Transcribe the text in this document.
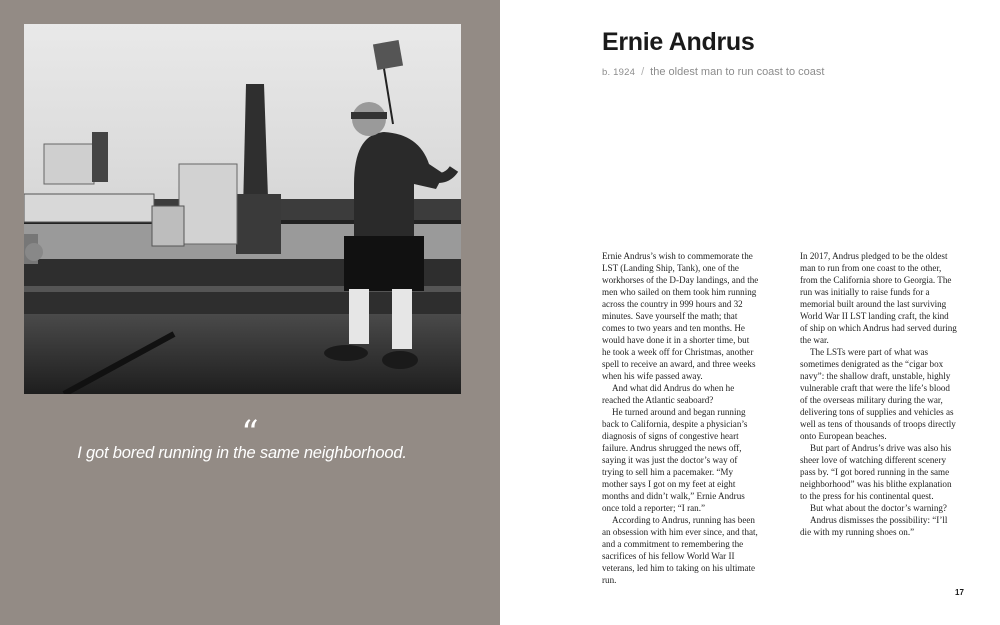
“
I got bored running in the same neighborhood.
Ernie Andrus
b. 1924 / the oldest man to run coast to coast

Ernie Andrus’s wish to commemorate the LST (Landing Ship, Tank), one of the workhorses of the D-Day landings, and the men who sailed on them took him running across the country in 999 hours and 32 minutes. Save yourself the math; that comes to two years and ten months. He would have done it in a shorter time, but he took a week off for Christmas, another spell to receive an award, and three weeks when his wife passed away.

And what did Andrus do when he reached the Atlantic seaboard?

He turned around and began running back to California, despite a physician’s diagnosis of signs of congestive heart failure. Andrus shrugged the news off, saying it was just the doctor’s way of trying to sell him a pacemaker. “My mother says I got on my feet at eight months and didn’t walk,” Ernie Andrus once told a reporter; “I ran.”

According to Andrus, running has been an obsession with him ever since, and that, and a commitment to remembering the sacrifices of his fellow World War II veterans, led him to taking on his ultimate run.

In 2017, Andrus pledged to be the oldest man to run from one coast to the other, from the California shore to Georgia. The run was initially to raise funds for a memorial built around the last surviving World War II LST landing craft, the kind of ship on which Andrus had served during the war.

The LSTs were part of what was sometimes denigrated as the “cigar box navy”: the shallow draft, unstable, highly vulnerable craft that were the life’s blood of the overseas military during the war, delivering tons of supplies and vehicles as well as tens of thousands of troops directly onto European beaches.

But part of Andrus’s drive was also his sheer love of watching different scenery pass by. “I got bored running in the same neighborhood” was his blithe explanation to the press for his continental quest.

But what about the doctor’s warning?

Andrus dismisses the possibility: “I’ll die with my running shoes on.”

17
